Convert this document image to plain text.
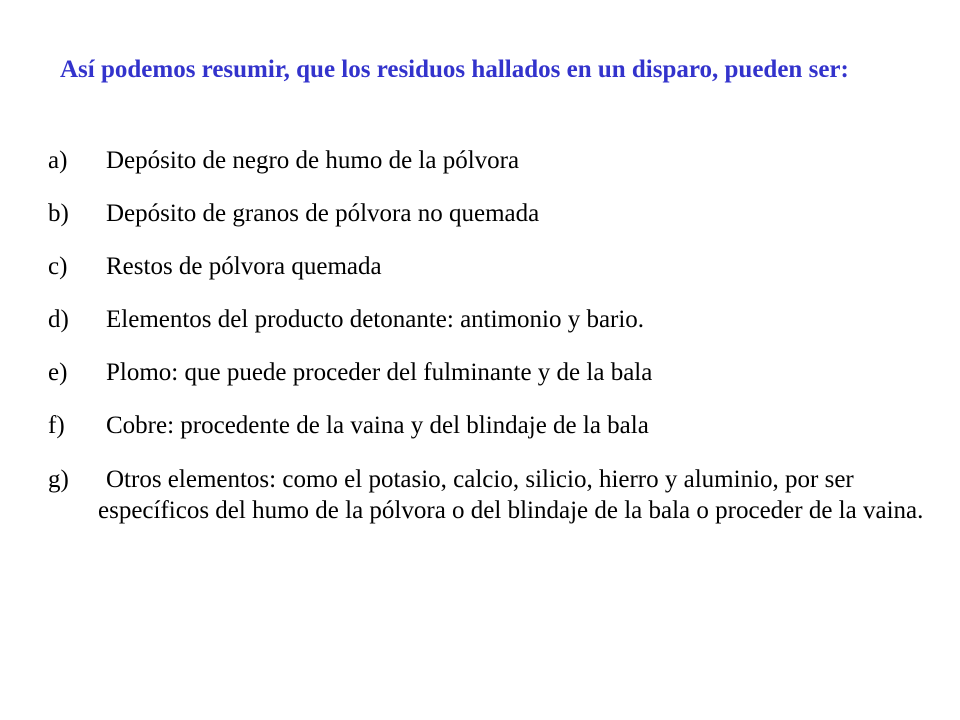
Así podemos resumir, que los residuos hallados en un disparo, pueden ser:
a)	Depósito de negro de humo de la pólvora
b)	Depósito de granos de pólvora no quemada
c)	Restos de pólvora quemada
d)	Elementos del producto detonante: antimonio y bario.
e)	Plomo: que puede proceder del fulminante y de la bala
f)	Cobre: procedente de la vaina y del blindaje de la bala
g) Otros elementos: como el potasio, calcio, silicio, hierro y aluminio, por ser específicos del humo de la pólvora o del blindaje de la bala o proceder de la vaina.
